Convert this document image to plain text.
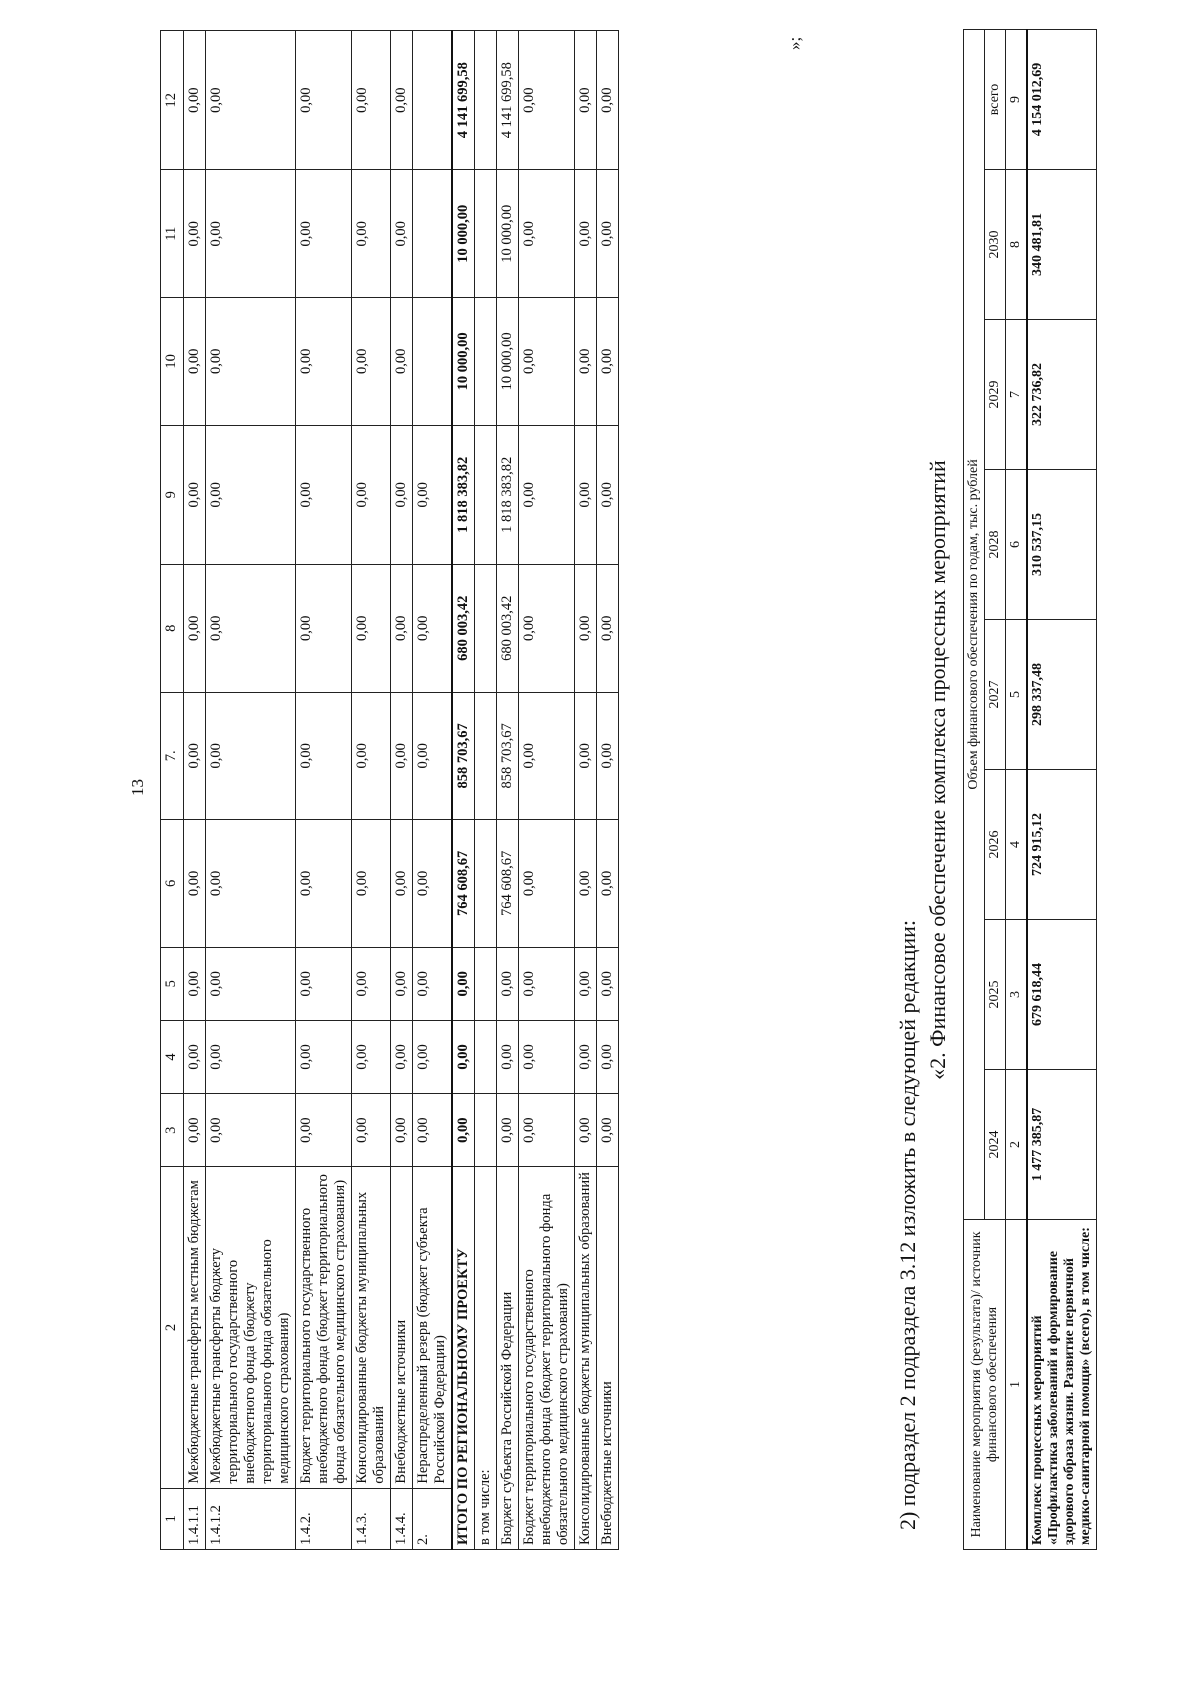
13
1	2	3	4	5	6	7.	8	9	10	11	12
1.4.1.1	Межбюджетные трансферты местным бюджетам	0,00	0,00	0,00	0,00	0,00	0,00	0,00	0,00	0,00	0,00
1.4.1.2	Межбюджетные трансферты бюджету территориального государственного внебюджетного фонда (бюджету территориального фонда обязательного медицинского страхования)	0,00	0,00	0,00	0,00	0,00	0,00	0,00	0,00	0,00	0,00
1.4.2.	Бюджет территориального государственного внебюджетного фонда (бюджет территориального фонда обязательного медицинского страхования)	0,00	0,00	0,00	0,00	0,00	0,00	0,00	0,00	0,00	0,00
1.4.3.	Консолидированные бюджеты муниципальных образований	0,00	0,00	0,00	0,00	0,00	0,00	0,00	0,00	0,00	0,00
1.4.4.	Внебюджетные источники	0,00	0,00	0,00	0,00	0,00	0,00	0,00	0,00	0,00	0,00
2.	Нераспределенный резерв (бюджет субъекта Российской Федерации)	0,00	0,00	0,00	0,00	0,00	0,00	0,00			
ИТОГО ПО РЕГИОНАЛЬНОМУ ПРОЕКТУ		0,00	0,00	0,00	764 608,67	858 703,67	680 003,42	1 818 383,82	10 000,00	10 000,00	4 141 699,58
в том числе:											
Бюджет субъекта Российской Федерации		0,00	0,00	0,00	764 608,67	858 703,67	680 003,42	1 818 383,82	10 000,00	10 000,00	4 141 699,58
Бюджет территориального государственного внебюджетного фонда (бюджет территориального фонда обязательного медицинского страхования)		0,00	0,00	0,00	0,00	0,00	0,00	0,00	0,00	0,00	0,00
Консолидированные бюджеты муниципальных образований		0,00	0,00	0,00	0,00	0,00	0,00	0,00	0,00	0,00	0,00
Внебюджетные источники		0,00	0,00	0,00	0,00	0,00	0,00	0,00	0,00	0,00	0,00
»;
2) подраздел 2 подраздела 3.12 изложить в следующей редакции:
«2. Финансовое обеспечение комплекса процессных мероприятий
Наименование мероприятия (результата)/ источник финансового обеспечения	Объем финансового обеспечения по годам, тыс. рублей							
	2024	2025	2026	2027	2028	2029	2030	всего
1	2	3	4	5	6	7	8	9
Комплекс процессных мероприятий «Профилактика заболеваний и формирование здорового образа жизни. Развитие первичной медико-санитарной помощи» (всего), в том числе:	1 477 385,87	679 618,44	724 915,12	298 337,48	310 537,15	322 736,82	340 481,81	4 154 012,69
